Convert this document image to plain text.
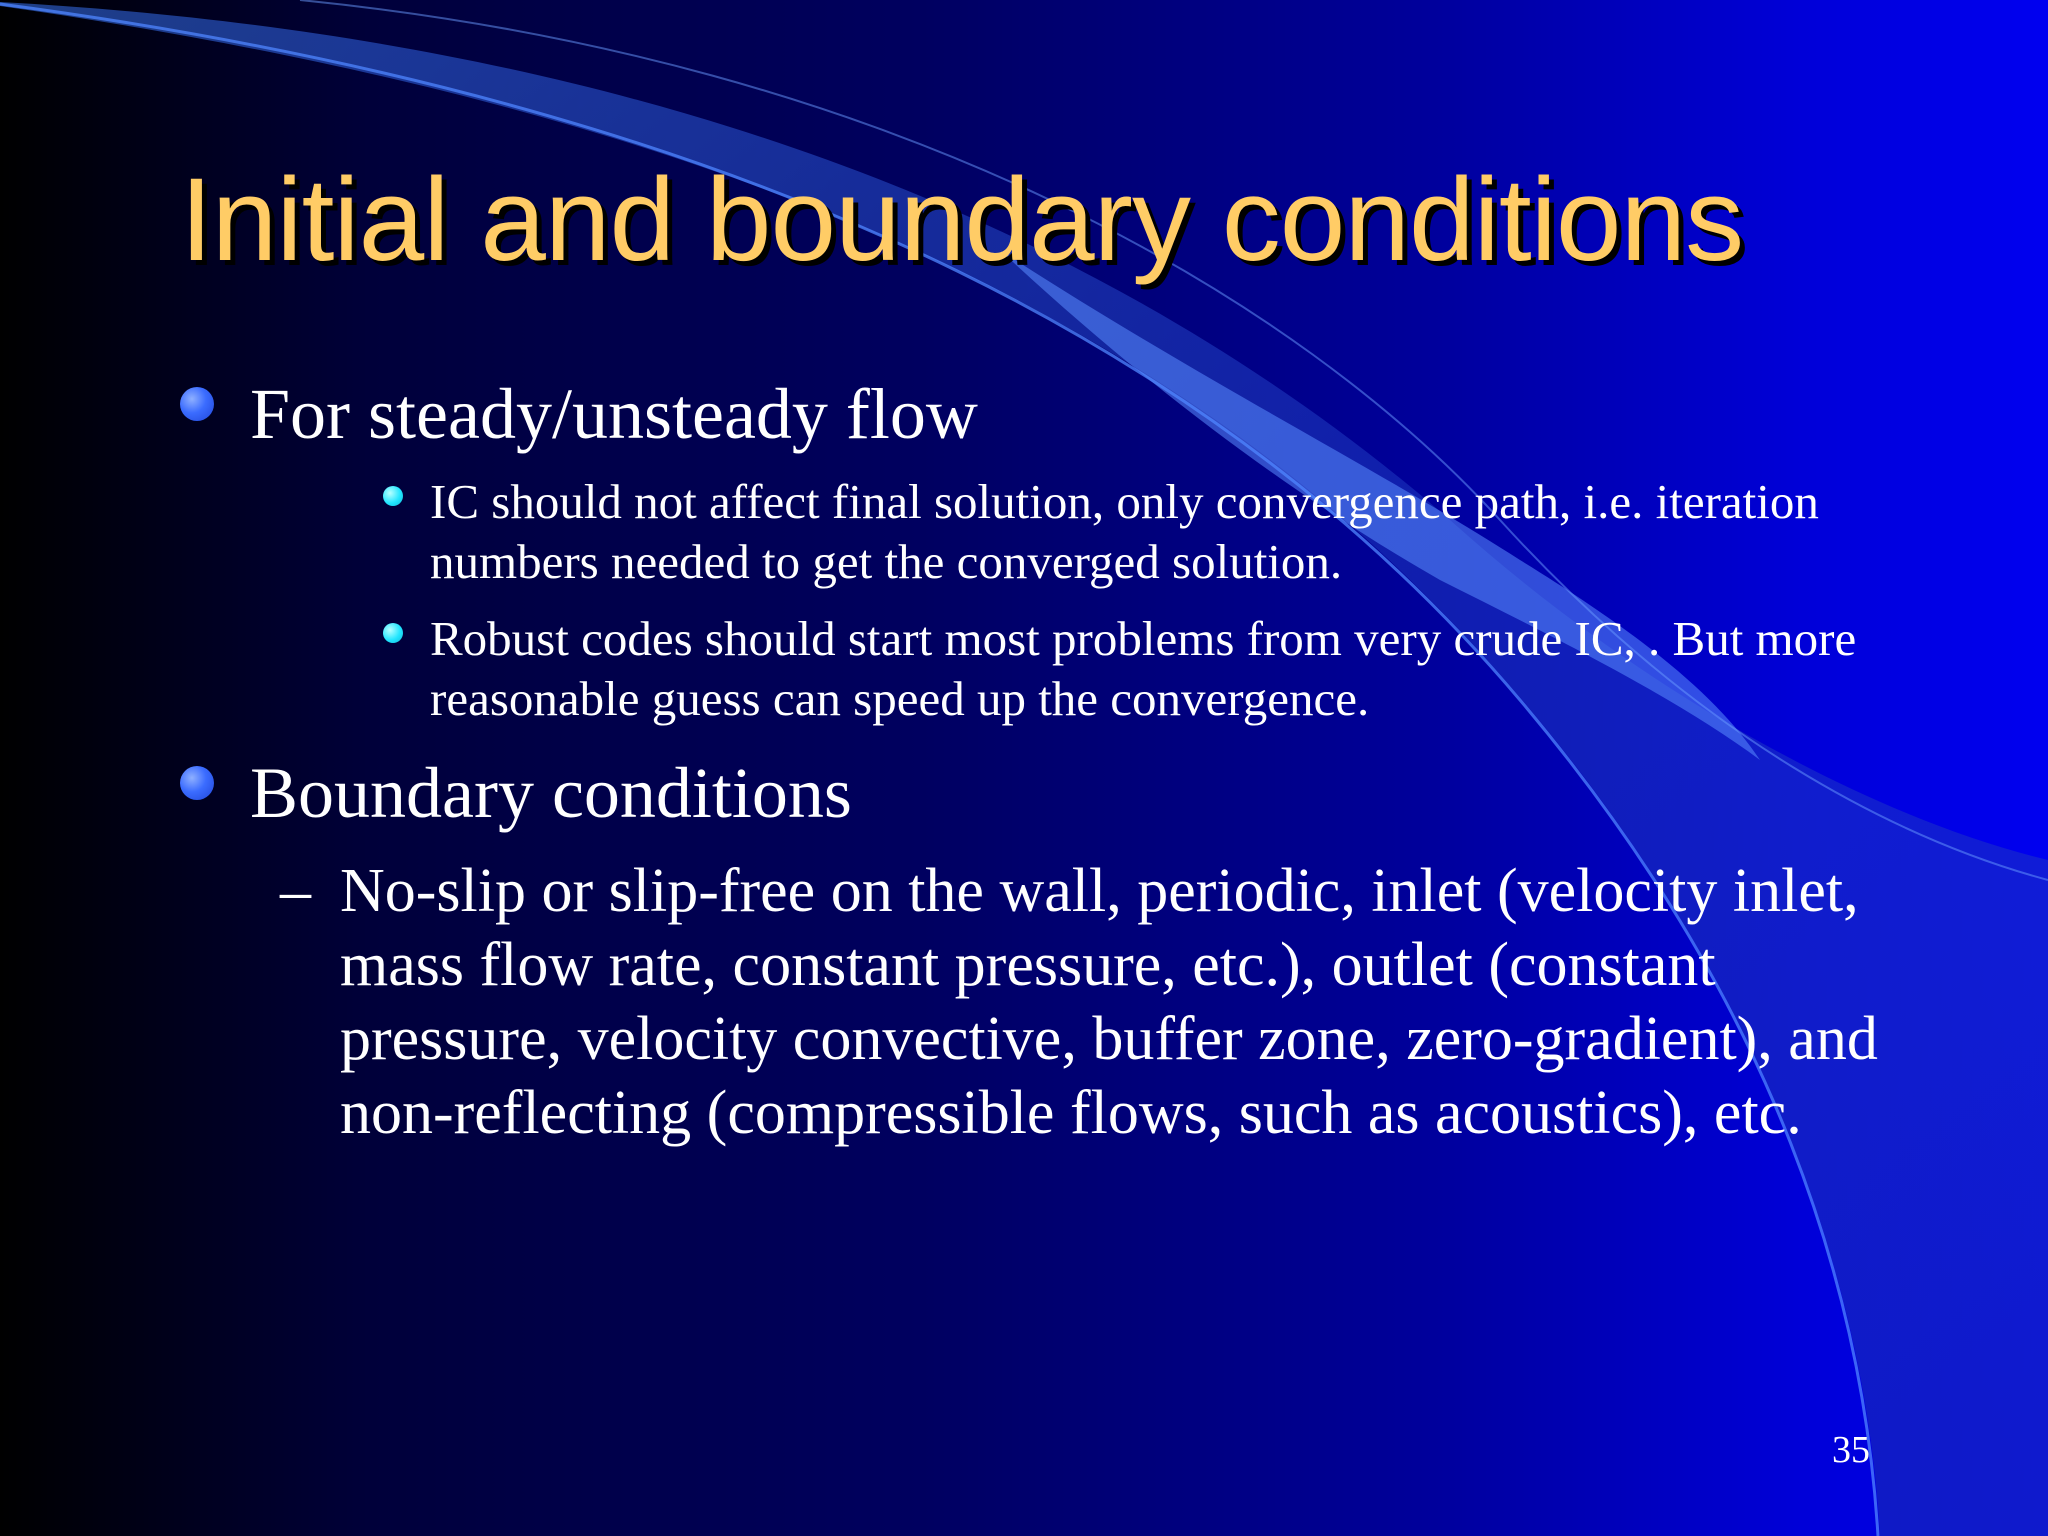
Initial and boundary conditions
For steady/unsteady flow
IC should not affect final solution, only convergence path, i.e. iteration numbers needed to get the converged solution.
Robust codes should start most problems from very crude IC, . But more reasonable guess can speed up the convergence.
Boundary conditions
– No-slip or slip-free on the wall, periodic, inlet (velocity inlet, mass flow rate, constant pressure, etc.), outlet (constant pressure, velocity convective, buffer zone, zero-gradient), and non-reflecting (compressible flows, such as acoustics), etc.
35
